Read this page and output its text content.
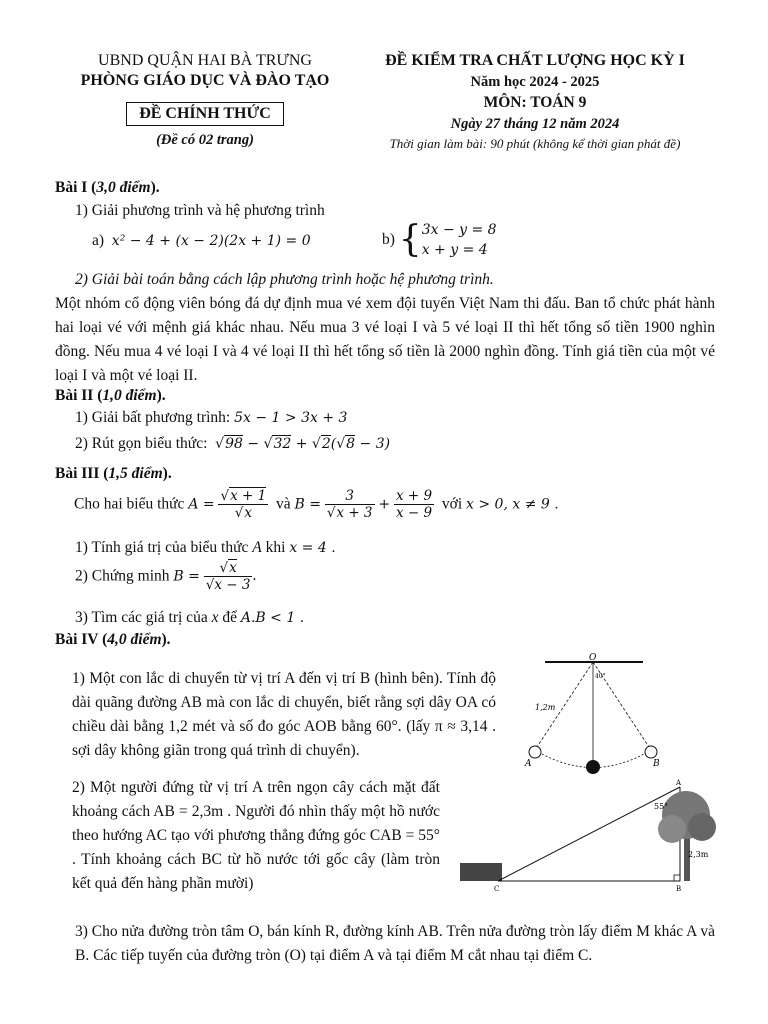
UBND QUẬN HAI BÀ TRƯNG
PHÒNG GIÁO DỤC VÀ ĐÀO TẠO
ĐỀ CHÍNH THỨC
(Đề có 02 trang)
ĐỀ KIỂM TRA CHẤT LƯỢNG HỌC KỲ I
Năm học 2024 - 2025
MÔN: TOÁN 9
Ngày 27 tháng 12 năm 2024
Thời gian làm bài: 90 phút (không kể thời gian phát đề)
Bài I (3,0 điểm).
1) Giải phương trình và hệ phương trình
a) x² − 4 + (x − 2)(2x + 1) = 0	b) { 3x − y = 8
x + y = 4
2) Giải bài toán bằng cách lập phương trình hoặc hệ phương trình.
Một nhóm cổ động viên bóng đá dự định mua vé xem đội tuyển Việt Nam thi đấu. Ban tổ chức phát hành hai loại vé với mệnh giá khác nhau. Nếu mua 3 vé loại I và 5 vé loại II thì hết tổng số tiền 1900 nghìn đồng. Nếu mua 4 vé loại I và 4 vé loại II thì hết tổng số tiền là 2000 nghìn đồng. Tính giá tiền của một vé loại I và một vé loại II.
Bài II (1,0 điểm).
1) Giải bất phương trình: 5x − 1 > 3x + 3
2) Rút gọn biểu thức: √98 − √32 + √2(√8 − 3)
Bài III (1,5 điểm).
Cho hai biểu thức $A = \frac{√x + 1}{√x}$ và $B = \frac{3}{√x + 3} + \frac{x + 9}{x - 9}$ với x > 0, x ≠ 9 .
1) Tính giá trị của biểu thức A khi x = 4 .
2) Chứng minh $B = \frac{√x}{√x - 3}$ .
3) Tìm các giá trị của x để A.B < 1 .
Bài IV (4,0 điểm).
1) Một con lắc di chuyển từ vị trí A đến vị trí B (hình bên). Tính độ dài quãng đường AB mà con lắc di chuyển, biết rằng sợi dây OA có chiều dài bằng 1,2 mét và số đo góc AOB bằng 60°. (lấy π ≈ 3,14 . sợi dây không giãn trong quá trình di chuyển).
O
A	B
40°
1,2m
2) Một người đứng từ vị trí A trên ngọn cây cách mặt đất khoảng cách AB = 2,3m . Người đó nhìn thấy một hồ nước theo hướng AC tạo với phương thẳng đứng góc CAB = 55° . Tính khoảng cách BC từ hồ nước tới gốc cây (làm tròn kết quả đến hàng phần mười)	C	B
A
55°
2,3m
3) Cho nửa đường tròn tâm O, bán kính R, đường kính AB. Trên nửa đường tròn lấy điểm M khác A và B. Các tiếp tuyến của đường tròn (O) tại điểm A và tại điểm M cắt nhau tại điểm C.
